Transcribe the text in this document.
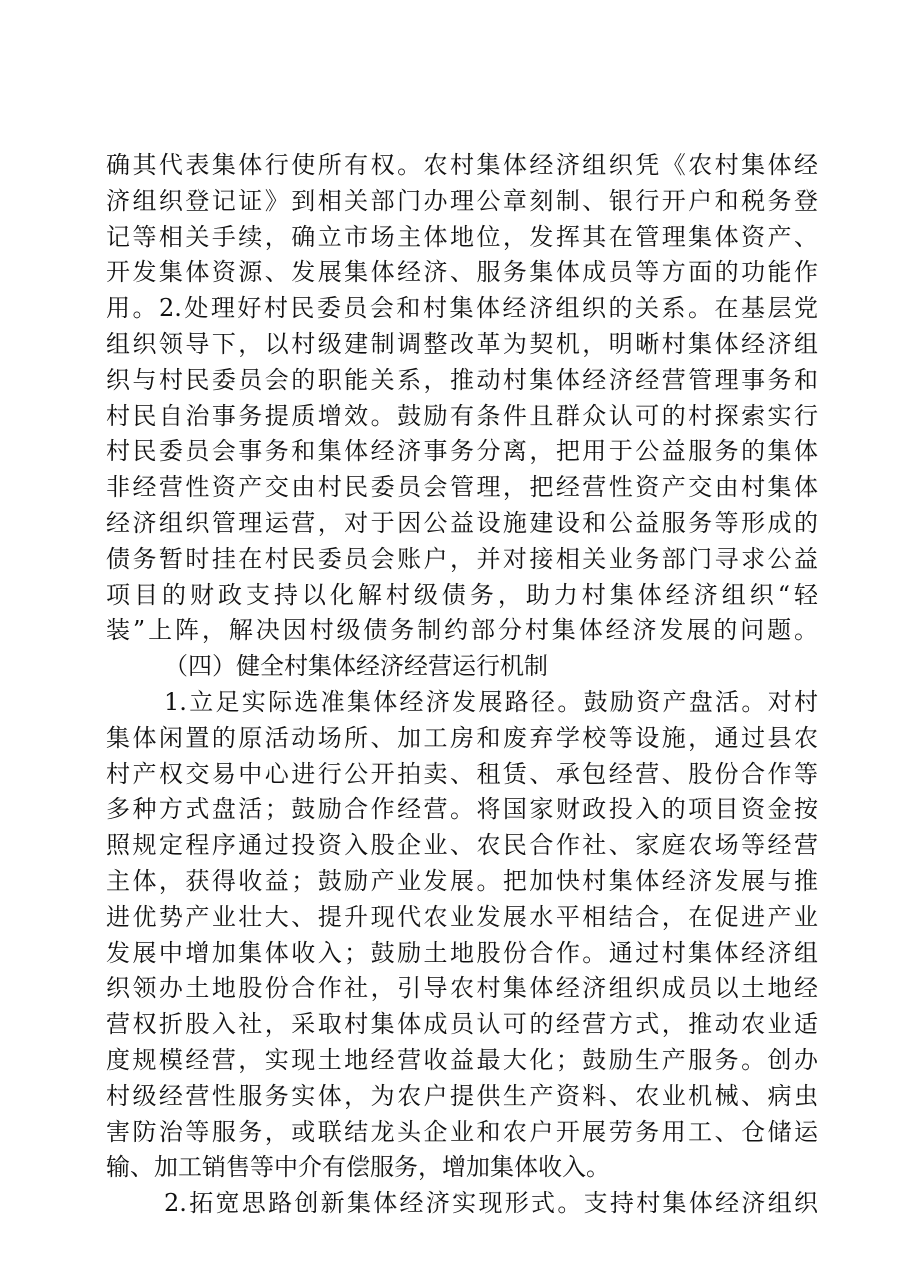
确其代表集体行使所有权。农村集体经济组织凭《农村集体经
济组织登记证》到相关部门办理公章刻制、银行开户和税务登
记等相关手续，确立市场主体地位，发挥其在管理集体资产、
开发集体资源、发展集体经济、服务集体成员等方面的功能作
用。2.处理好村民委员会和村集体经济组织的关系。在基层党
组织领导下，以村级建制调整改革为契机，明晰村集体经济组
织与村民委员会的职能关系，推动村集体经济经营管理事务和
村民自治事务提质增效。鼓励有条件且群众认可的村探索实行
村民委员会事务和集体经济事务分离，把用于公益服务的集体
非经营性资产交由村民委员会管理，把经营性资产交由村集体
经济组织管理运营，对于因公益设施建设和公益服务等形成的
债务暂时挂在村民委员会账户，并对接相关业务部门寻求公益
项目的财政支持以化解村级债务，助力村集体经济组织“轻
装”上阵，解决因村级债务制约部分村集体经济发展的问题。
（四）健全村集体经济经营运行机制
1.立足实际选准集体经济发展路径。鼓励资产盘活。对村
集体闲置的原活动场所、加工房和废弃学校等设施，通过县农
村产权交易中心进行公开拍卖、租赁、承包经营、股份合作等
多种方式盘活；鼓励合作经营。将国家财政投入的项目资金按
照规定程序通过投资入股企业、农民合作社、家庭农场等经营
主体，获得收益；鼓励产业发展。把加快村集体经济发展与推
进优势产业壮大、提升现代农业发展水平相结合，在促进产业
发展中增加集体收入；鼓励土地股份合作。通过村集体经济组
织领办土地股份合作社，引导农村集体经济组织成员以土地经
营权折股入社，采取村集体成员认可的经营方式，推动农业适
度规模经营，实现土地经营收益最大化；鼓励生产服务。创办
村级经营性服务实体，为农户提供生产资料、农业机械、病虫
害防治等服务，或联结龙头企业和农户开展劳务用工、仓储运
输、加工销售等中介有偿服务，增加集体收入。
2.拓宽思路创新集体经济实现形式。支持村集体经济组织
